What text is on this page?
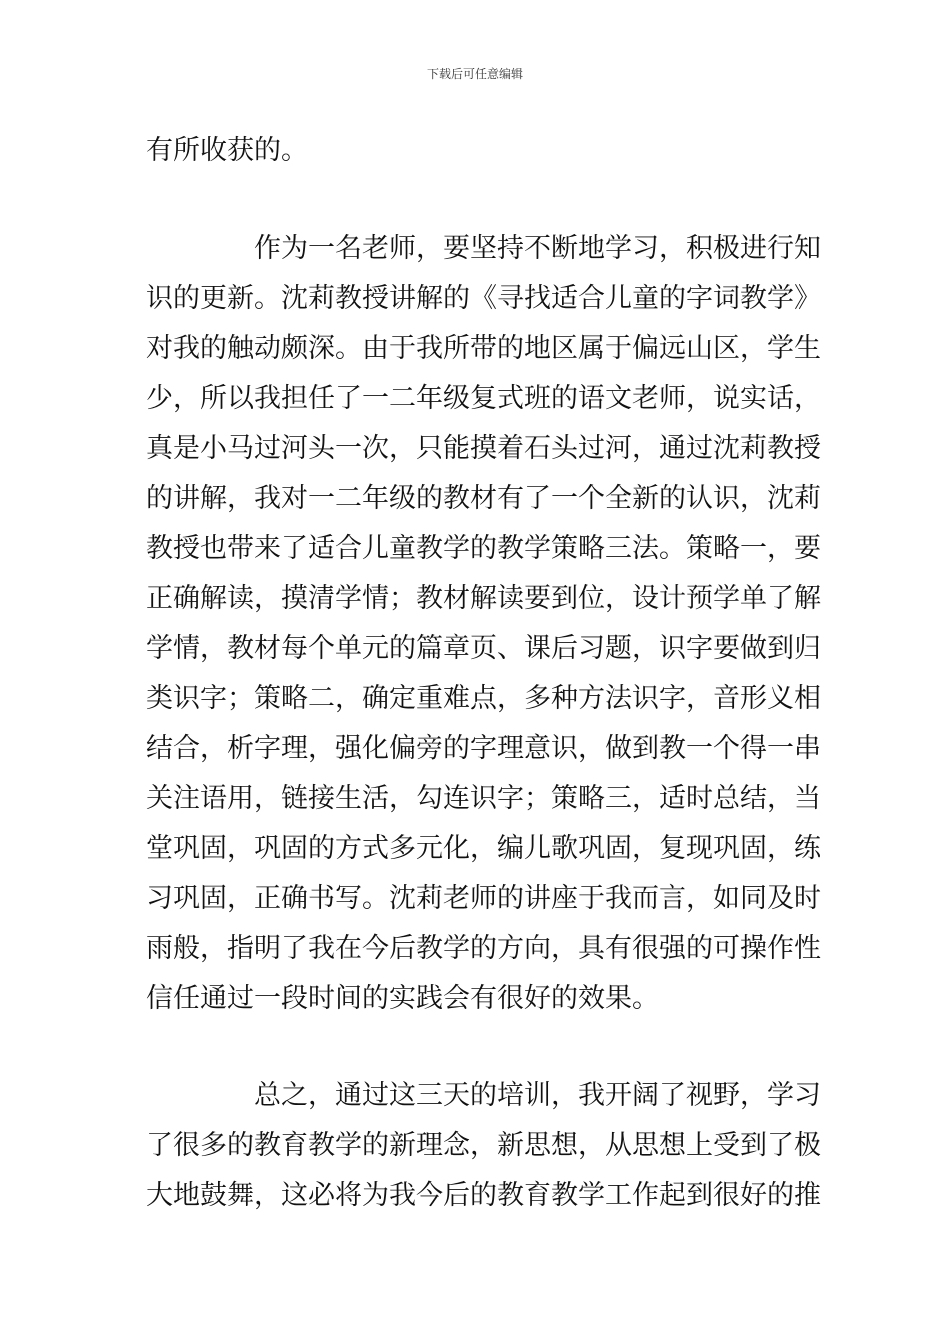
下载后可任意编辑
有所收获的。
作为一名老师，要坚持不断地学习，积极进行知
识的更新。沈莉教授讲解的《寻找适合儿童的字词教学》
对我的触动颇深。由于我所带的地区属于偏远山区，学生
少，所以我担任了一二年级复式班的语文老师，说实话，
真是小马过河头一次，只能摸着石头过河，通过沈莉教授
的讲解，我对一二年级的教材有了一个全新的认识，沈莉
教授也带来了适合儿童教学的教学策略三法。策略一，要
正确解读，摸清学情；教材解读要到位，设计预学单了解
学情，教材每个单元的篇章页、课后习题，识字要做到归
类识字；策略二，确定重难点，多种方法识字，音形义相
结合，析字理，强化偏旁的字理意识，做到教一个得一串
关注语用，链接生活，勾连识字；策略三，适时总结，当
堂巩固，巩固的方式多元化，编儿歌巩固，复现巩固，练
习巩固，正确书写。沈莉老师的讲座于我而言，如同及时
雨般，指明了我在今后教学的方向，具有很强的可操作性
信任通过一段时间的实践会有很好的效果。
总之，通过这三天的培训，我开阔了视野，学习
了很多的教育教学的新理念，新思想，从思想上受到了极
大地鼓舞，这必将为我今后的教育教学工作起到很好的推
